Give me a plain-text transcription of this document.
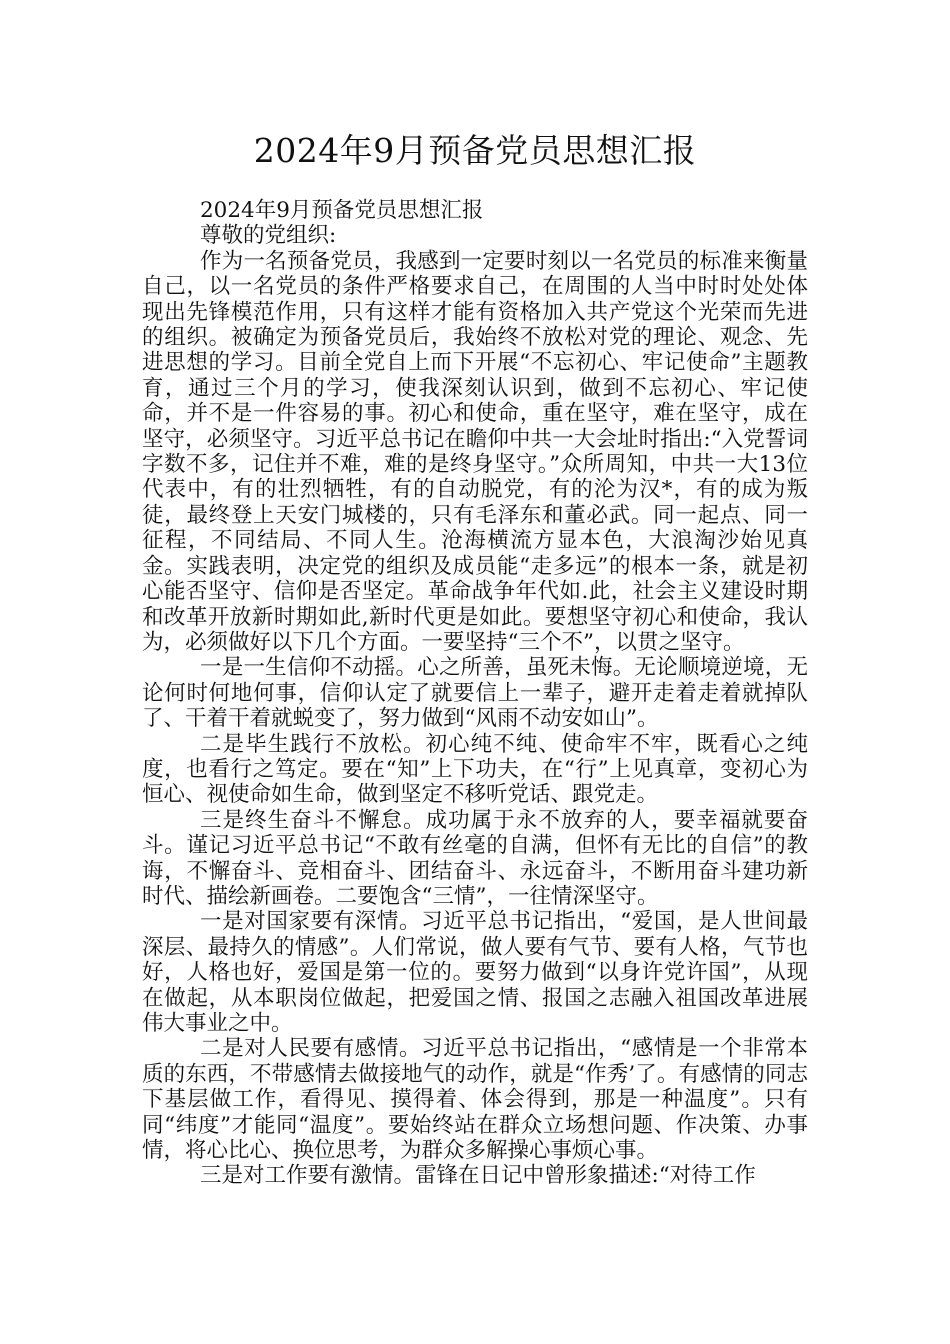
2024年9月预备党员思想汇报

2024年9月预备党员思想汇报

尊敬的党组织:

作为一名预备党员，我感到一定要时刻以一名党员的标准来衡量自己，以一名党员的条件严格要求自己，在周围的人当中时时处处体现出先锋模范作用，只有这样才能有资格加入共产党这个光荣而先进的组织。被确定为预备党员后，我始终不放松对党的理论、观念、先进思想的学习。目前全党自上而下开展“不忘初心、牢记使命”主题教育，通过三个月的学习，使我深刻认识到，做到不忘初心、牢记使命，并不是一件容易的事。初心和使命，重在坚守，难在坚守，成在坚守，必须坚守。习近平总书记在瞻仰中共一大会址时指出:“入党誓词字数不多，记住并不难，难的是终身坚守。”众所周知，中共一大13位代表中，有的壮烈牺牲，有的自动脱党，有的沦为汉*，有的成为叛徒，最终登上天安门城楼的，只有毛泽东和董必武。同一起点、同一征程，不同结局、不同人生。沧海横流方显本色，大浪淘沙始见真金。实践表明，决定党的组织及成员能“走多远”的根本一条，就是初心能否坚守、信仰是否坚定。革命战争年代如.此，社会主义建设时期和改革开放新时期如此,新时代更是如此。要想坚守初心和使命，我认为，必须做好以下几个方面。一要坚持“三个不”，以贯之坚守。

一是一生信仰不动摇。心之所善，虽死未悔。无论顺境逆境，无论何时何地何事，信仰认定了就要信上一辈子，避开走着走着就掉队了、干着干着就蜕变了，努力做到“风雨不动安如山”。

二是毕生践行不放松。初心纯不纯、使命牢不牢，既看心之纯度，也看行之笃定。要在“知”上下功夫，在“行”上见真章，变初心为恒心、视使命如生命，做到坚定不移听党话、跟党走。

三是终生奋斗不懈怠。成功属于永不放弃的人，要幸福就要奋斗。谨记习近平总书记“不敢有丝毫的自满，但怀有无比的自信”的教诲，不懈奋斗、竞相奋斗、团结奋斗、永远奋斗，不断用奋斗建功新时代、描绘新画卷。二要饱含“三情”，一往情深坚守。

一是对国家要有深情。习近平总书记指出，“爱国，是人世间最深层、最持久的情感”。人们常说，做人要有气节、要有人格，气节也好，人格也好，爱国是第一位的。要努力做到“以身许党许国”，从现在做起，从本职岗位做起，把爱国之情、报国之志融入祖国改革进展伟大事业之中。

二是对人民要有感情。习近平总书记指出，“感情是一个非常本质的东西，不带感情去做接地气的动作，就是“作秀’了。有感情的同志下基层做工作，看得见、摸得着、体会得到，那是一种温度”。只有同“纬度”才能同“温度”。要始终站在群众立场想问题、作决策、办事情，将心比心、换位思考，为群众多解操心事烦心事。

三是对工作要有激情。雷锋在日记中曾形象描述:“对待工作
